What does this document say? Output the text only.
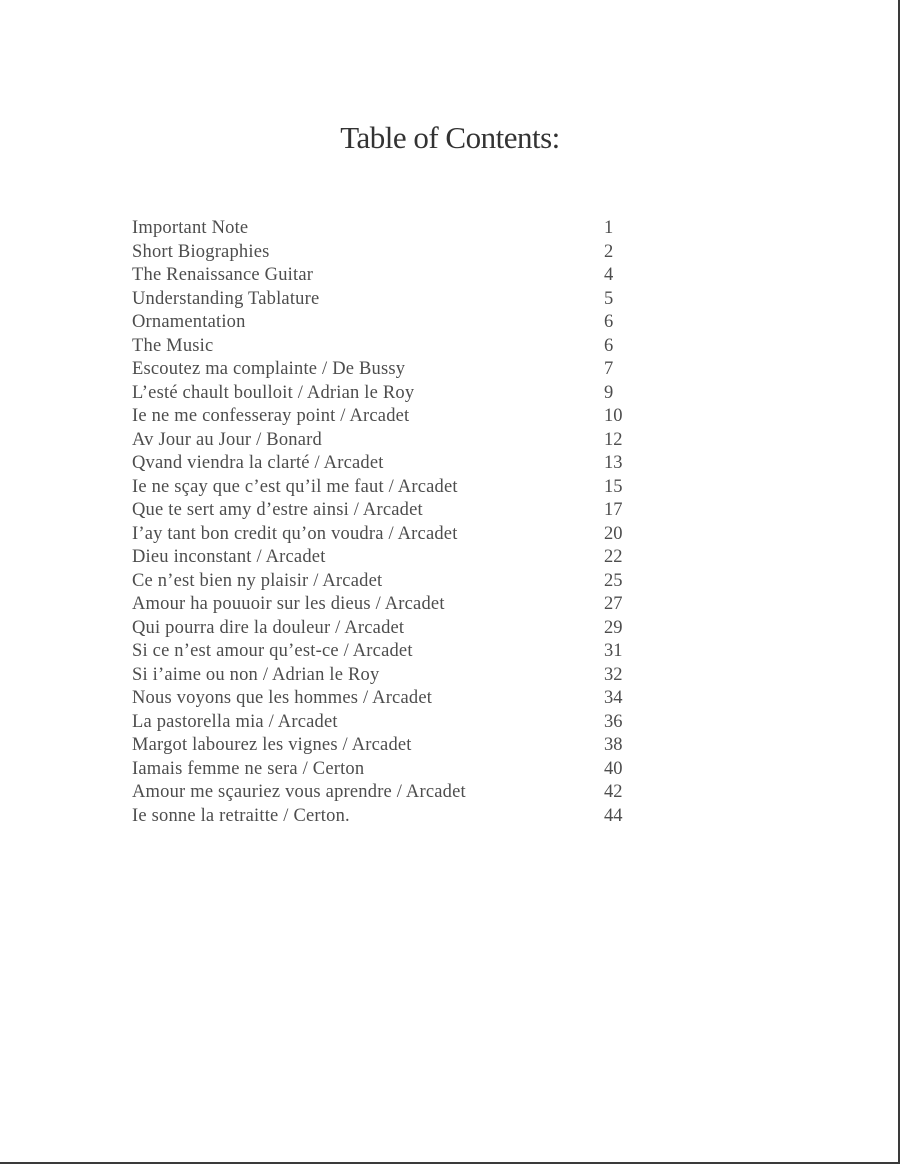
Table of Contents:
Important Note	1
Short Biographies	2
The Renaissance Guitar	4
Understanding Tablature	5
Ornamentation	6
The Music	6
Escoutez ma complainte / De Bussy	7
L’esté chault boulloit / Adrian le Roy	9
Ie ne me confesseray point / Arcadet	10
Av Jour au Jour / Bonard	12
Qvand viendra la clarté / Arcadet	13
Ie ne sçay que c’est qu’il me faut / Arcadet	15
Que te sert amy d’estre ainsi / Arcadet	17
I’ay tant bon credit qu’on voudra / Arcadet	20
Dieu inconstant / Arcadet	22
Ce n’est bien ny plaisir / Arcadet	25
Amour ha pouuoir sur les dieus / Arcadet	27
Qui pourra dire la douleur / Arcadet	29
Si ce n’est amour qu’est-ce / Arcadet	31
Si i’aime ou non / Adrian le Roy	32
Nous voyons que les hommes / Arcadet	34
La pastorella mia / Arcadet	36
Margot labourez les vignes / Arcadet	38
Iamais femme ne sera / Certon	40
Amour me sçauriez vous aprendre / Arcadet	42
Ie sonne la retraitte / Certon.	44
